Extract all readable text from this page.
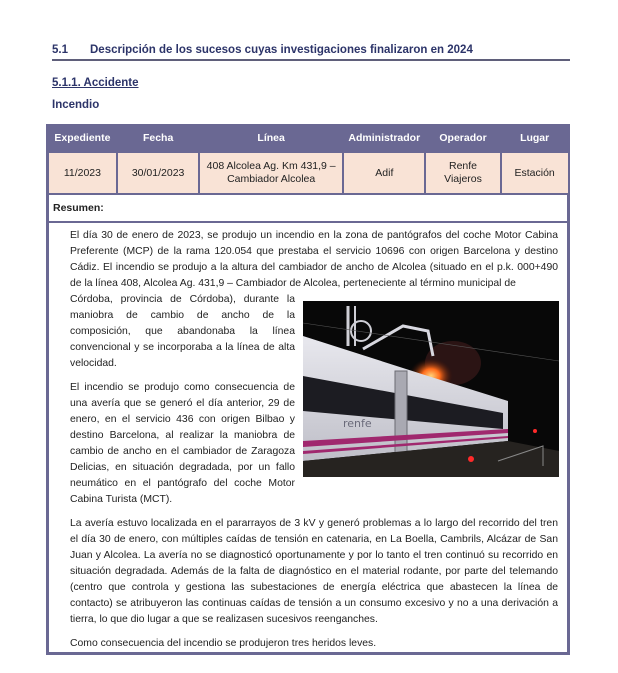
5.1 Descripción de los sucesos cuyas investigaciones finalizaron en 2024
5.1.1. Accidente
Incendio
Expediente	Fecha	Línea	Administrador	Operador	Lugar
11/2023	30/01/2023	408 Alcolea Ag. Km 431,9 – Cambiador Alcolea	Adif	Renfe Viajeros	Estación
Resumen:					

El día 30 de enero de 2023, se produjo un incendio en la zona de pantógrafos del coche Motor Cabina Preferente (MCP) de la rama 120.054 que prestaba el servicio 10696 con origen Barcelona y destino Cádiz. El incendio se produjo a la altura del cambiador de ancho de Alcolea (situado en el p.k. 000+490 de la línea 408, Alcolea Ag. 431,9 – Cambiador de Alcolea, perteneciente al término municipal de

Córdoba, provincia de Córdoba), durante la maniobra de cambio de ancho de la composición, que abandonaba la línea convencional y se incorporaba a la línea de alta velocidad.

El incendio se produjo como consecuencia de una avería que se generó el día anterior, 29 de enero, en el servicio 436 con origen Bilbao y destino Barcelona, al realizar la maniobra de cambio de ancho en el cambiador de Zaragoza Delicias, en situación degradada, por un fallo neumático en el pantógrafo del coche Motor Cabina Turista (MCT).

La avería estuvo localizada en el pararrayos de 3 kV y generó problemas a lo largo del recorrido del tren el día 30 de enero, con múltiples caídas de tensión en catenaria, en La Boella, Cambrils, Alcázar de San Juan y Alcolea. La avería no se diagnosticó oportunamente y por lo tanto el tren continuó su recorrido en situación degradada. Además de la falta de diagnóstico en el material rodante, por parte del telemando (centro que controla y gestiona las subestaciones de energía eléctrica que abastecen la línea de contacto) se atribuyeron las continuas caídas de tensión a un consumo excesivo y no a una derivación a tierra, lo que dio lugar a que se realizasen sucesivos reenganches.

Como consecuencia del incendio se produjeron tres heridos leves.

renfe
